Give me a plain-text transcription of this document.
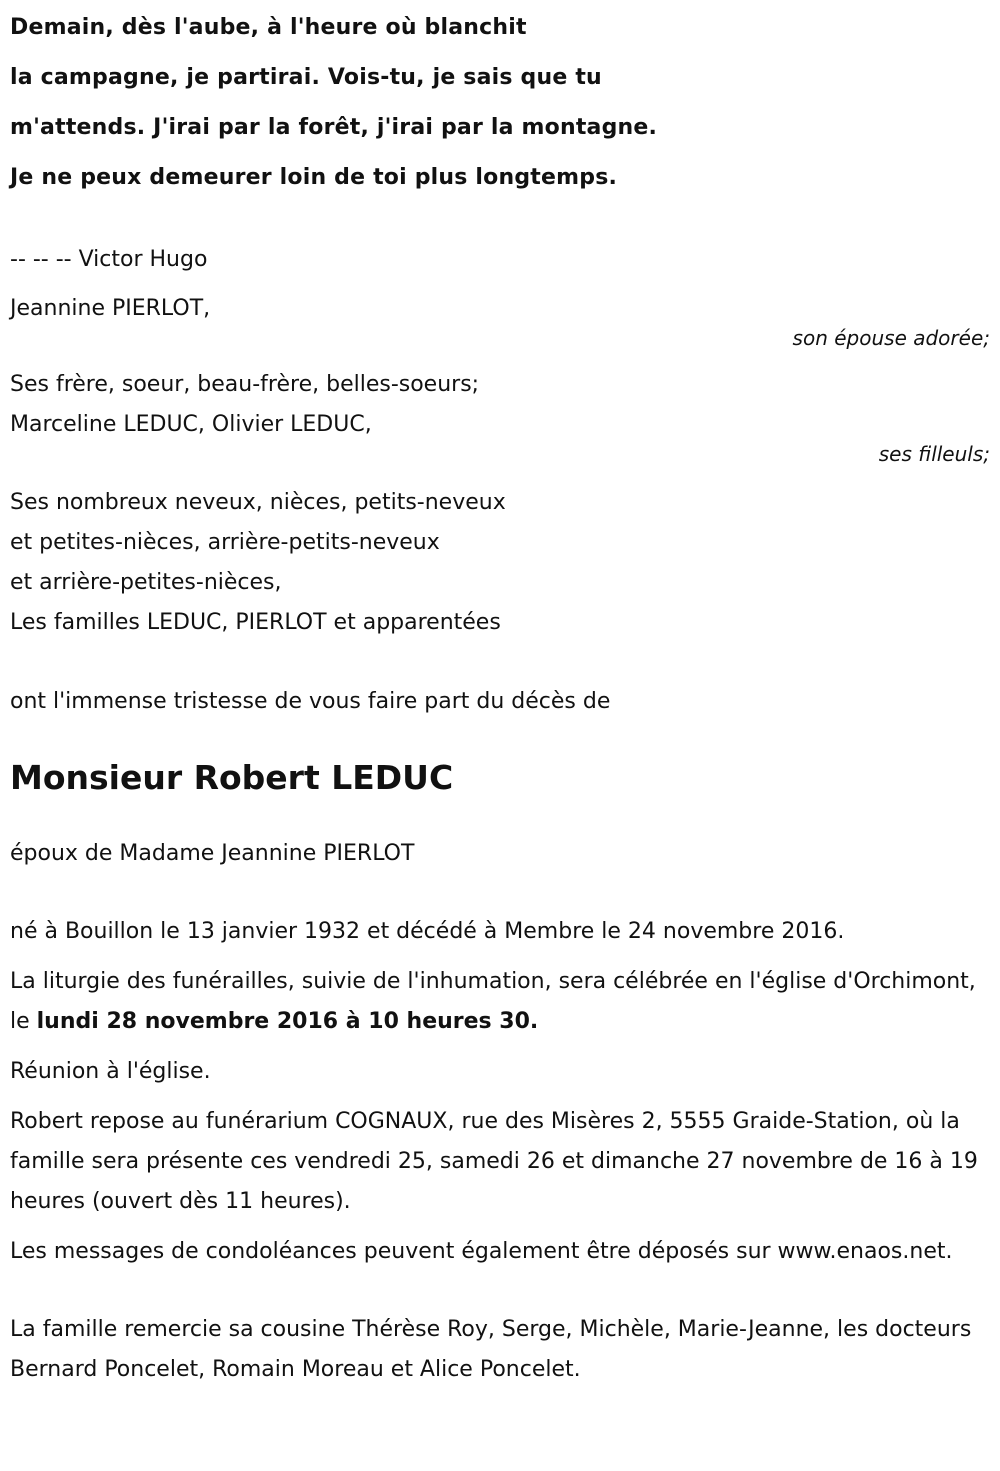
Demain, dès l'aube, à l'heure où blanchit
la campagne, je partirai. Vois-tu, je sais que tu
m'attends. J'irai par la forêt, j'irai par la montagne.
Je ne peux demeurer loin de toi plus longtemps.

-- -- -- Victor Hugo

Jeannine PIERLOT,

son épouse adorée;

Ses frère, soeur, beau-frère, belles-soeurs;

Marceline LEDUC, Olivier LEDUC,

ses filleuls;

Ses nombreux neveux, nièces, petits-neveux

et petites-nièces, arrière-petits-neveux

et arrière-petites-nièces,

Les familles LEDUC, PIERLOT et apparentées

ont l'immense tristesse de vous faire part du décès de

Monsieur Robert LEDUC

époux de Madame Jeannine PIERLOT

né à Bouillon le 13 janvier 1932 et décédé à Membre le 24 novembre 2016.

La liturgie des funérailles, suivie de l'inhumation, sera célébrée en l'église d'Orchimont, le lundi 28 novembre 2016 à 10 heures 30.

Réunion à l'église.

Robert repose au funérarium COGNAUX, rue des Misères 2, 5555 Graide-Station, où la famille sera présente ces vendredi 25, samedi 26 et dimanche 27 novembre de 16 à 19 heures (ouvert dès 11 heures).

Les messages de condoléances peuvent également être déposés sur www.enaos.net.

La famille remercie sa cousine Thérèse Roy, Serge, Michèle, Marie-Jeanne, les docteurs Bernard Poncelet, Romain Moreau et Alice Poncelet.
